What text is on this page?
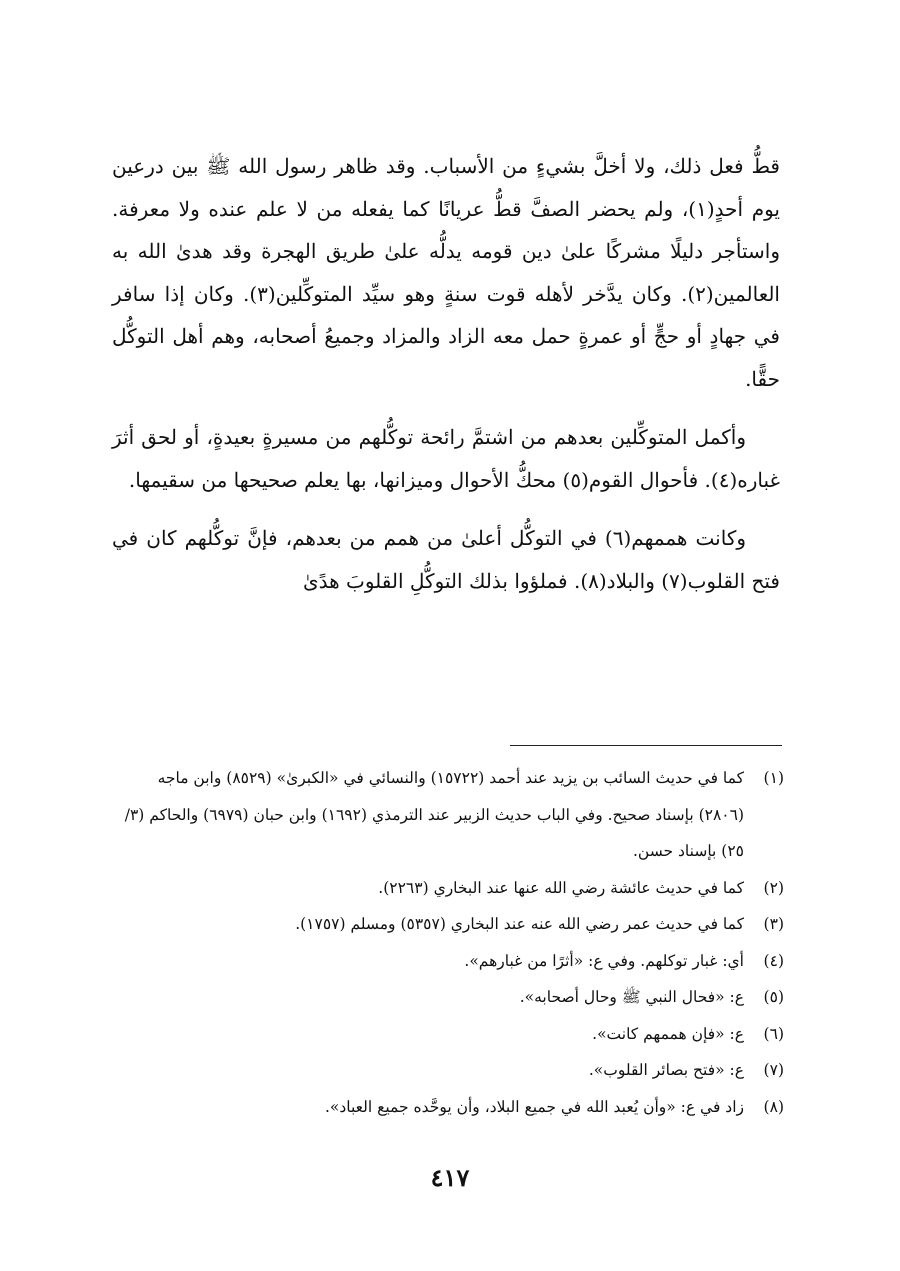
قطُّ فعل ذلك، ولا أخلَّ بشيءٍ من الأسباب. وقد ظاهر رسول الله ﷺ بين درعين يوم أحدٍ(١)، ولم يحضر الصفَّ قطُّ عريانًا كما يفعله من لا علم عنده ولا معرفة. واستأجر دليلًا مشركًا علىٰ دين قومه يدلُّه علىٰ طريق الهجرة وقد هدىٰ الله به العالمين(٢). وكان يدَّخر لأهله قوت سنةٍ وهو سيِّد المتوكِّلين(٣). وكان إذا سافر في جهادٍ أو حجٍّ أو عمرةٍ حمل معه الزاد والمزاد وجميعُ أصحابه، وهم أهل التوكُّل حقًّا.

وأكمل المتوكِّلين بعدهم من اشتمَّ رائحة توكُّلهم من مسيرةٍ بعيدةٍ، أو لحق أثرَ غباره(٤). فأحوال القوم(٥) محكُّ الأحوال وميزانها، بها يعلم صحيحها من سقيمها.

وكانت هممهم(٦) في التوكُّل أعلىٰ من همم من بعدهم، فإنَّ توكُّلهم كان في فتح القلوب(٧) والبلاد(٨). فملؤوا بذلك التوكُّلِ القلوبَ هدًىٰ

(١)
كما في حديث السائب بن يزيد عند أحمد (١٥٧٢٢) والنسائي في «الكبرىٰ» (٨٥٢٩) وابن ماجه (٢٨٠٦) بإسناد صحيح. وفي الباب حديث الزبير عند الترمذي (١٦٩٢) وابن حبان (٦٩٧٩) والحاكم (٣/ ٢٥) بإسناد حسن.
(٢)
كما في حديث عائشة رضي الله عنها عند البخاري (٢٢٦٣).
(٣)
كما في حديث عمر رضي الله عنه عند البخاري (٥٣٥٧) ومسلم (١٧٥٧).
(٤)
أي: غبار توكلهم. وفي ع: «أثرًا من غبارهم».
(٥)
ع: «فحال النبي ﷺ وحال أصحابه».
(٦)
ع: «فإن هممهم كانت».
(٧)
ع: «فتح بصائر القلوب».
(٨)
زاد في ع: «وأن يُعبد الله في جميع البلاد، وأن يوحَّده جميع العباد».
٤١٧
